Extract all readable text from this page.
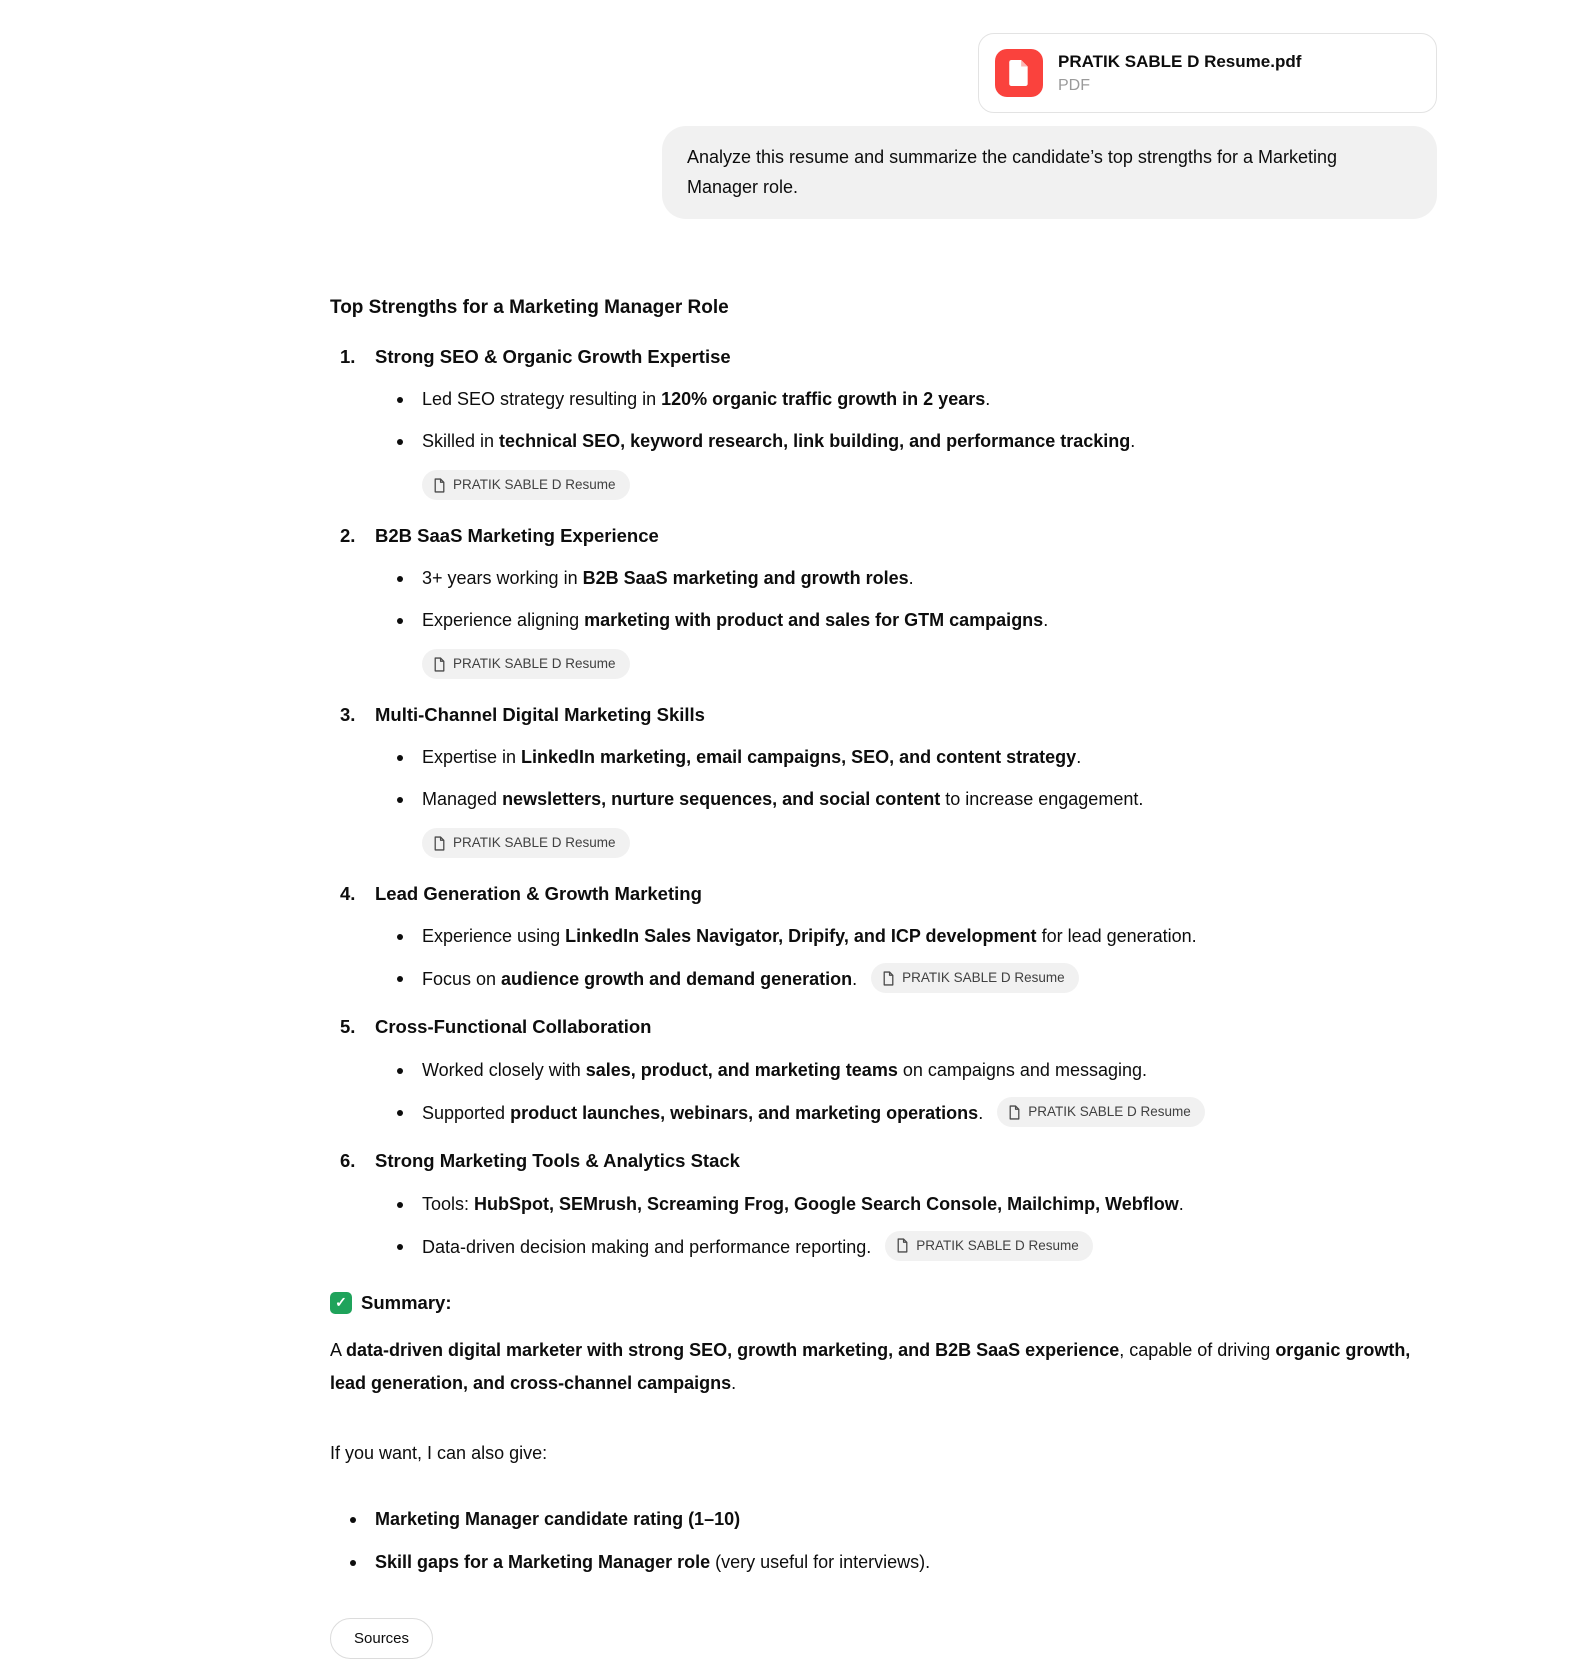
PRATIK SABLE D Resume.pdf
PDF
Analyze this resume and summarize the candidate’s top strengths for a Marketing Manager role.
Top Strengths for a Marketing Manager Role
1.	Strong SEO & Organic Growth Expertise
Led SEO strategy resulting in 120% organic traffic growth in 2 years.
Skilled in technical SEO, keyword research, link building, and performance tracking.
PRATIK SABLE D Resume
2.	B2B SaaS Marketing Experience
3+ years working in B2B SaaS marketing and growth roles.
Experience aligning marketing with product and sales for GTM campaigns.
PRATIK SABLE D Resume
3.	Multi-Channel Digital Marketing Skills
Expertise in LinkedIn marketing, email campaigns, SEO, and content strategy.
Managed newsletters, nurture sequences, and social content to increase engagement.
PRATIK SABLE D Resume
4.	Lead Generation & Growth Marketing
Experience using LinkedIn Sales Navigator, Dripify, and ICP development for lead generation.
Focus on audience growth and demand generation.	PRATIK SABLE D Resume
5.	Cross-Functional Collaboration
Worked closely with sales, product, and marketing teams on campaigns and messaging.
Supported product launches, webinars, and marketing operations.	PRATIK SABLE D Resume
6.	Strong Marketing Tools & Analytics Stack
Tools: HubSpot, SEMrush, Screaming Frog, Google Search Console, Mailchimp, Webflow.
Data-driven decision making and performance reporting.	PRATIK SABLE D Resume
✓ Summary:
A data-driven digital marketer with strong SEO, growth marketing, and B2B SaaS experience, capable of driving organic growth, lead generation, and cross-channel campaigns.
If you want, I can also give:
Marketing Manager candidate rating (1–10)
Skill gaps for a Marketing Manager role (very useful for interviews).
Sources
